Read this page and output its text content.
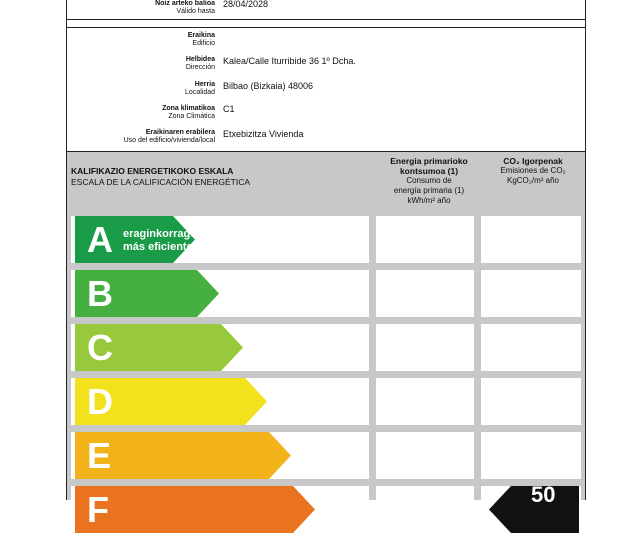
Noiz arteko balioa
Válido hasta
28/04/2028
Eraikina
Edificio
Helbidea
Dirección
Kalea/Calle Iturribide 36 1º Dcha.
Herria
Localidad
Bilbao (Bizkaia) 48006
Zona klimatikoa
Zona Climática
C1
Eraikinaren erabilera
Uso del edificio/vivienda/local
Etxebizitza Vivienda
KALIFIKAZIO ENERGETIKOKO ESKALA
ESCALA DE LA CALIFICACIÓN ENERGÉTICA
Energia primarioko
kontsumoa (1)
Consumo de
energía primaria (1)
kWh/m² año
CO₂ Igorpenak
Emisiones de CO₂
KgCO₂/m² año
A eraginkorragoa
más eficiente
B
C
D
E
F	50
